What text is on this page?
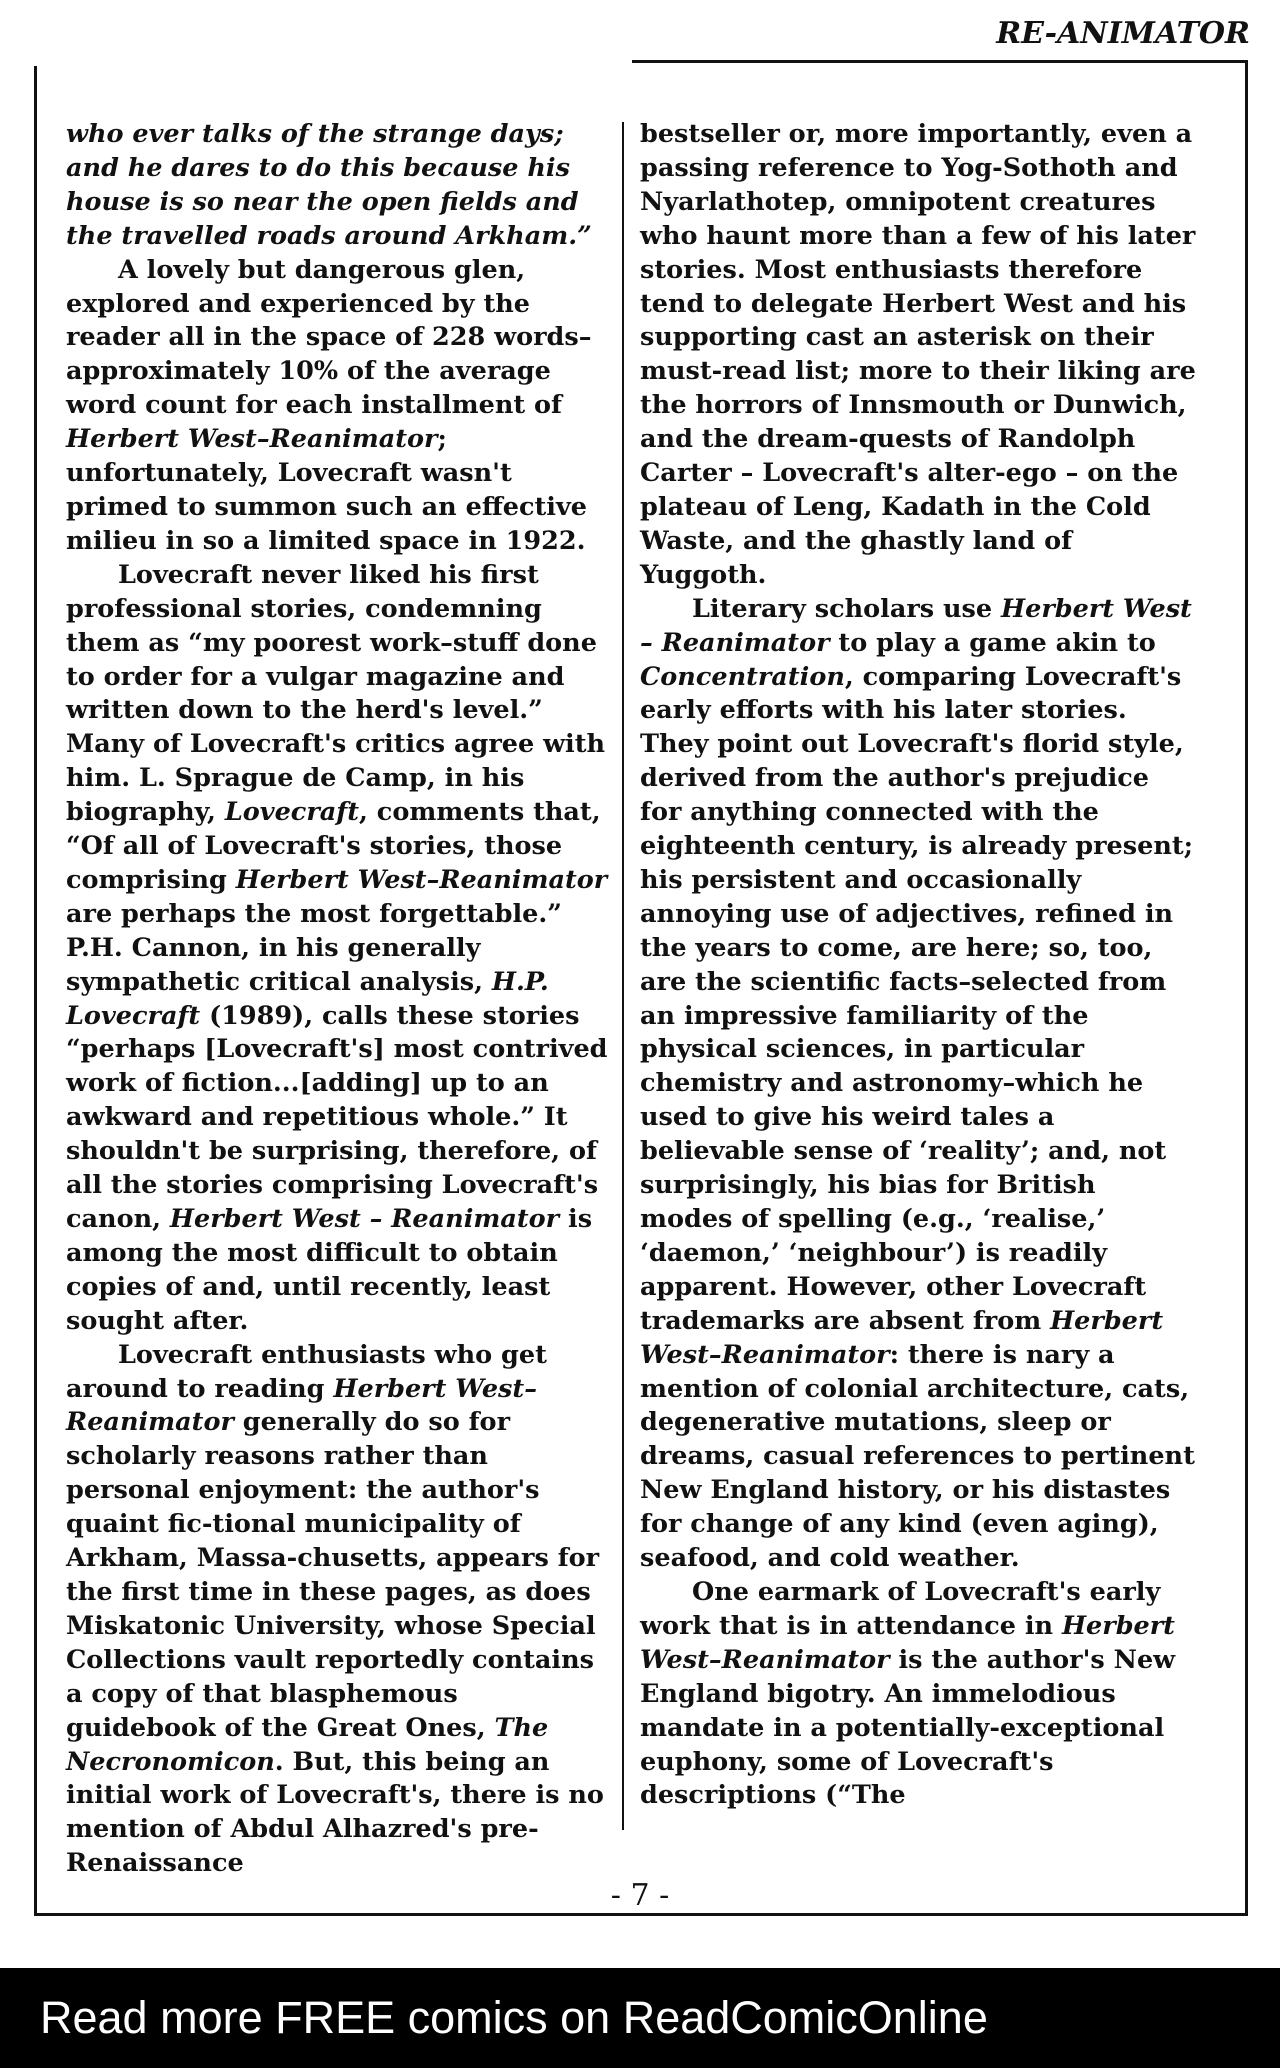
RE-ANIMATOR

who ever talks of the strange days; and he dares to do this because his house is so near the open fields and the travelled roads around Arkham.”

A lovely but dangerous glen, explored and experienced by the reader all in the space of 228 words–approximately 10% of the average word count for each installment of Herbert West–Reanimator; unfortunately, Lovecraft wasn't primed to summon such an effective milieu in so a limited space in 1922.

Lovecraft never liked his first professional stories, condemning them as “my poorest work–stuff done to order for a vulgar magazine and written down to the herd's level.” Many of Lovecraft's critics agree with him. L. Sprague de Camp, in his biography, Lovecraft, comments that, “Of all of Lovecraft's stories, those comprising Herbert West–Reanimator are perhaps the most forgettable.” P.H. Cannon, in his generally sympathetic critical analysis, H.P. Lovecraft (1989), calls these stories “perhaps [Lovecraft's] most contrived work of fiction...[adding] up to an awkward and repetitious whole.” It shouldn't be surprising, therefore, of all the stories comprising Lovecraft's canon, Herbert West – Reanimator is among the most difficult to obtain copies of and, until recently, least sought after.

Lovecraft enthusiasts who get around to reading Herbert West–Reanimator generally do so for scholarly reasons rather than personal enjoyment: the author's quaint fic-tional municipality of Arkham, Massa-chusetts, appears for the first time in these pages, as does Miskatonic University, whose Special Collections vault reportedly contains a copy of that blasphemous guidebook of the Great Ones, The Necronomicon. But, this being an initial work of Lovecraft's, there is no mention of Abdul Alhazred's pre-Renaissance

bestseller or, more importantly, even a passing reference to Yog-Sothoth and Nyarlathotep, omnipotent creatures who haunt more than a few of his later stories. Most enthusiasts therefore tend to delegate Herbert West and his supporting cast an asterisk on their must-read list; more to their liking are the horrors of Innsmouth or Dunwich, and the dream-quests of Randolph Carter – Lovecraft's alter-ego – on the plateau of Leng, Kadath in the Cold Waste, and the ghastly land of Yuggoth.

Literary scholars use Herbert West – Reanimator to play a game akin to Concentration, comparing Lovecraft's early efforts with his later stories. They point out Lovecraft's florid style, derived from the author's prejudice for anything connected with the eighteenth century, is already present; his persistent and occasionally annoying use of adjectives, refined in the years to come, are here; so, too, are the scientific facts–selected from an impressive familiarity of the physical sciences, in particular chemistry and astronomy–which he used to give his weird tales a believable sense of ‘reality’; and, not surprisingly, his bias for British modes of spelling (e.g., ‘realise,’ ‘daemon,’ ‘neighbour’) is readily apparent. However, other Lovecraft trademarks are absent from Herbert West–Reanimator: there is nary a mention of colonial architecture, cats, degenerative mutations, sleep or dreams, casual references to pertinent New England history, or his distastes for change of any kind (even aging), seafood, and cold weather.

One earmark of Lovecraft's early work that is in attendance in Herbert West–Reanimator is the author's New England bigotry. An immelodious mandate in a potentially-exceptional euphony, some of Lovecraft's descriptions (“The

- 7 -
Read more FREE comics on ReadComicOnline
